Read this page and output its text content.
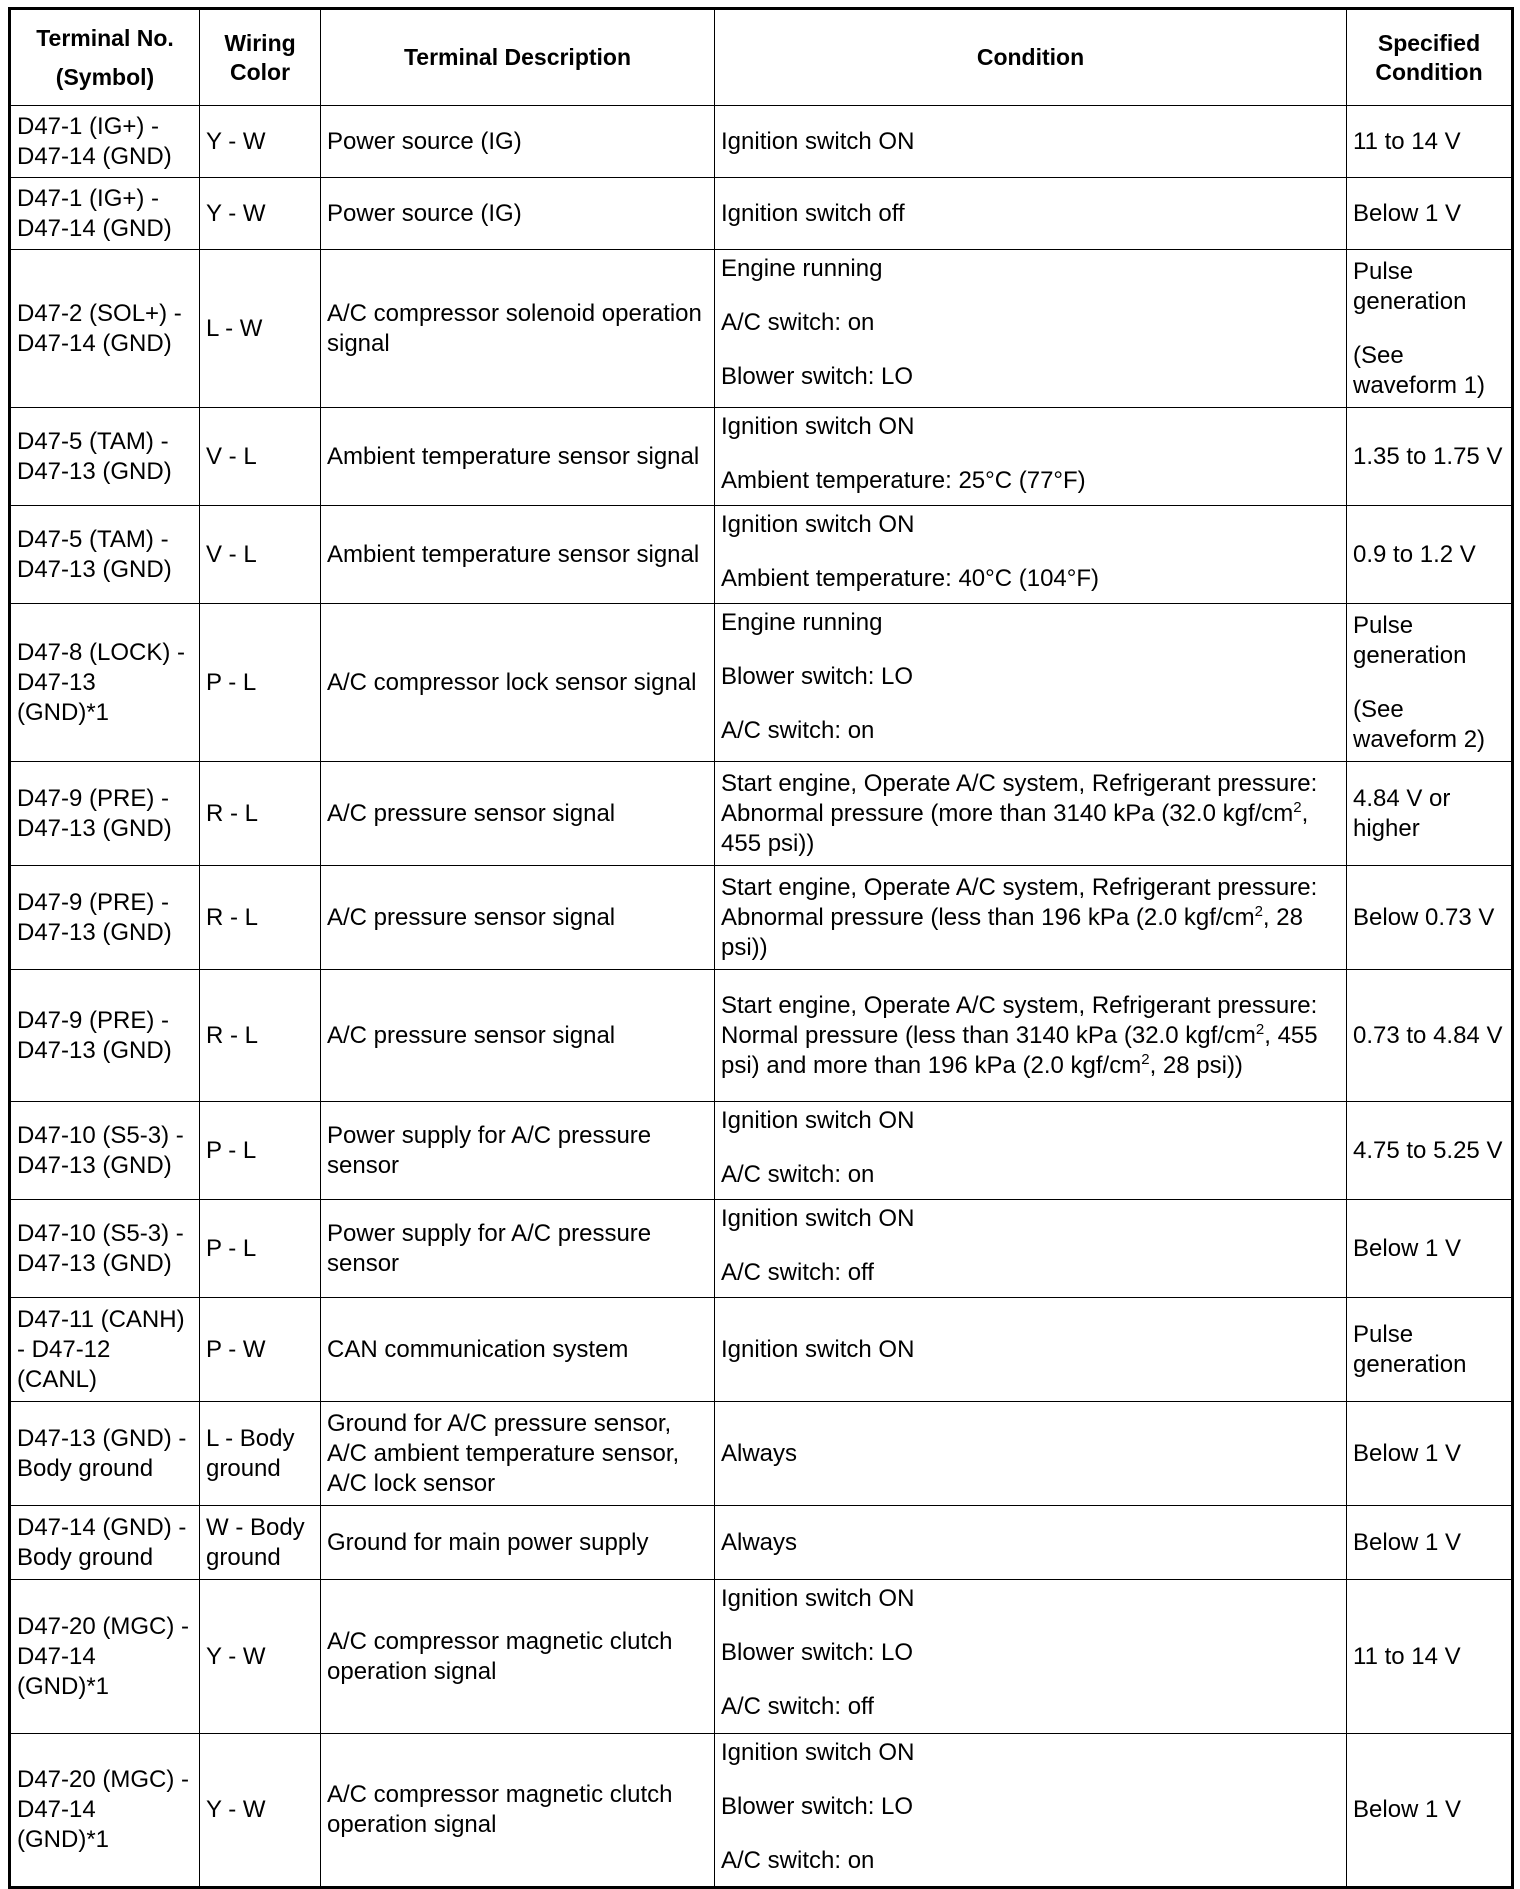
Terminal No.

(Symbol)	Wiring
Color	Terminal Description	Condition	Specified
Condition
D47-1 (IG+) - D47-14 (GND)	Y - W	Power source (IG)	Ignition switch ON	11 to 14 V
D47-1 (IG+) - D47-14 (GND)	Y - W	Power source (IG)	Ignition switch off	Below 1 V
D47-2 (SOL+) - D47-14 (GND)	L - W	A/C compressor solenoid operation signal	Engine running
A/C switch: on
Blower switch: LO	Pulse generation
(See waveform 1)

D47-5 (TAM) - D47-13 (GND)	V - L	Ambient temperature sensor signal	Ignition switch ON
Ambient temperature: 25°C (77°F)	1.35 to 1.75 V
D47-5 (TAM) - D47-13 (GND)	V - L	Ambient temperature sensor signal	Ignition switch ON
Ambient temperature: 40°C (104°F)	0.9 to 1.2 V
D47-8 (LOCK) - D47-13 (GND)*1	P - L	A/C compressor lock sensor signal	Engine running
Blower switch: LO
A/C switch: on	Pulse generation
(See waveform 2)

D47-9 (PRE) - D47-13 (GND)	R - L	A/C pressure sensor signal	Start engine, Operate A/C system, Refrigerant pressure: Abnormal pressure (more than 3140 kPa (32.0 kgf/$cm^2$, 455 psi))	4.84 V or higher
D47-9 (PRE) - D47-13 (GND)	R - L	A/C pressure sensor signal	Start engine, Operate A/C system, Refrigerant pressure: Abnormal pressure (less than 196 kPa (2.0 kgf/$cm^2$, 28 psi))	Below 0.73 V
D47-9 (PRE) - D47-13 (GND)	R - L	A/C pressure sensor signal	Start engine, Operate A/C system, Refrigerant pressure: Normal pressure (less than 3140 kPa (32.0 kgf/$cm^2$, 455 psi) and more than 196 kPa (2.0 kgf/$cm^2$, 28 psi))	0.73 to 4.84 V
D47-10 (S5-3) - D47-13 (GND)	P - L	Power supply for A/C pressure sensor	Ignition switch ON
A/C switch: on	4.75 to 5.25 V
D47-10 (S5-3) - D47-13 (GND)	P - L	Power supply for A/C pressure sensor	Ignition switch ON
A/C switch: off	Below 1 V
D47-11 (CANH) - D47-12 (CANL)	P - W	CAN communication system	Ignition switch ON	Pulse generation
D47-13 (GND) - Body ground	L - Body ground	Ground for A/C pressure sensor, A/C ambient temperature sensor, A/C lock sensor	Always	Below 1 V
D47-14 (GND) - Body ground	W - Body ground	Ground for main power supply	Always	Below 1 V
D47-20 (MGC) - D47-14 (GND)*1	Y - W	A/C compressor magnetic clutch operation signal	Ignition switch ON
Blower switch: LO
A/C switch: off	11 to 14 V
D47-20 (MGC) - D47-14 (GND)*1	Y - W	A/C compressor magnetic clutch operation signal	Ignition switch ON
Blower switch: LO
A/C switch: on	Below 1 V
